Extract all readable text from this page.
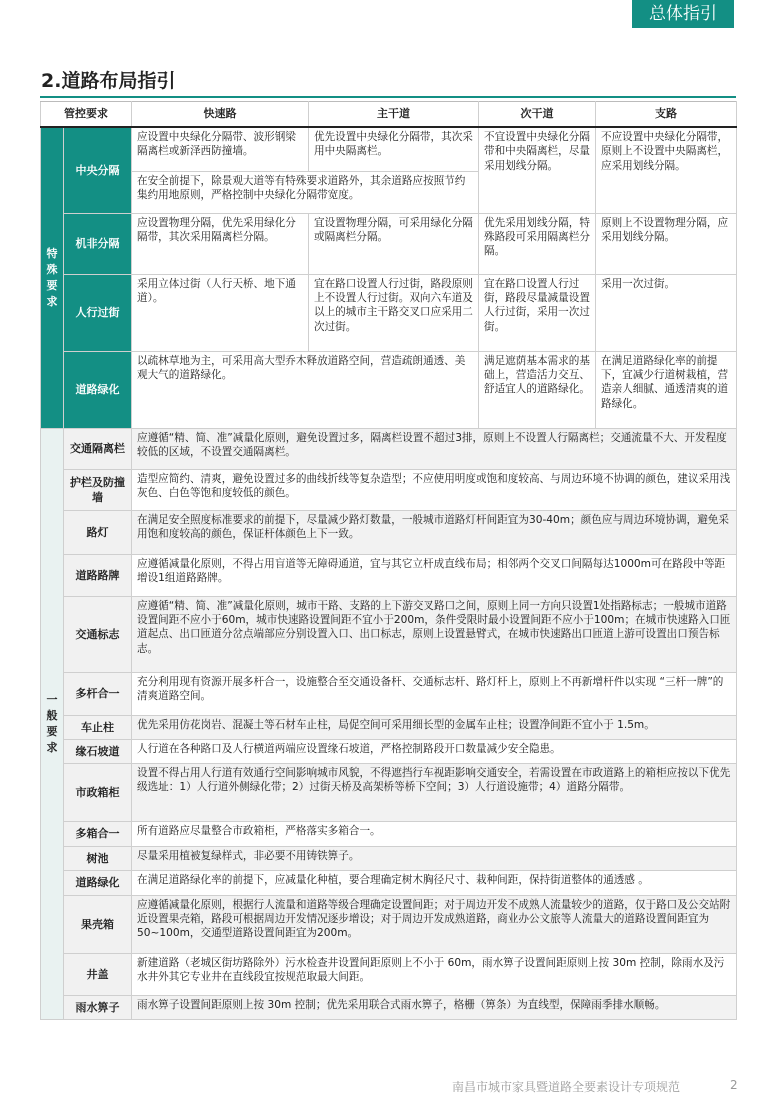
总体指引
2.道路布局指引
管控要求		快速路	主干道	次干道	支路
特殊要求	中央分隔	应设置中央绿化分隔带、波形钢梁隔离栏或新泽西防撞墙。	优先设置中央绿化分隔带，其次采用中央隔离栏。	不宜设置中央绿化分隔带和中央隔离栏，尽量采用划线分隔。	不应设置中央绿化分隔带，原则上不设置中央隔离栏，应采用划线分隔。
		在安全前提下，除景观大道等有特殊要求道路外，其余道路应按照节约集约用地原则，严格控制中央绿化分隔带宽度。			
	机非分隔	应设置物理分隔，优先采用绿化分隔带，其次采用隔离栏分隔。	宜设置物理分隔，可采用绿化分隔或隔离栏分隔。	优先采用划线分隔，特殊路段可采用隔离栏分隔。	原则上不设置物理分隔，应采用划线分隔。
	人行过街	采用立体过街（人行天桥、地下通道）。	宜在路口设置人行过街，路段原则上不设置人行过街。双向六车道及以上的城市主干路交叉口应采用二次过街。	宜在路口设置人行过街，路段尽量减量设置人行过街，采用一次过街。	采用一次过街。
	道路绿化	以疏林草地为主，可采用高大型乔木释放道路空间，营造疏朗通透、美观大气的道路绿化。		满足遮荫基本需求的基础上，营造活力交互、舒适宜人的道路绿化。	在满足道路绿化率的前提下，宜减少行道树栽植，营造亲人细腻、通透清爽的道路绿化。

一般要求	交通隔离栏	应遵循“精、简、准”减量化原则，避免设置过多，隔离栏设置不超过3排，原则上不设置人行隔离栏；交通流量不大、开发程度较低的区域，不设置交通隔离栏。			
	护栏及防撞墙	造型应简约、清爽，避免设置过多的曲线折线等复杂造型；不应使用明度或饱和度较高、与周边环境不协调的颜色，建议采用浅灰色、白色等饱和度较低的颜色。			
	路灯	在满足安全照度标准要求的前提下，尽量减少路灯数量，一般城市道路灯杆间距宜为30-40m；颜色应与周边环境协调，避免采用饱和度较高的颜色，保证杆体颜色上下一致。			
	道路路牌	应遵循减量化原则，不得占用盲道等无障碍通道，宜与其它立杆成直线布局；相邻两个交叉口间隔每达1000m可在路段中等距增设1组道路路牌。			
	交通标志	应遵循“精、简、准”减量化原则，城市干路、支路的上下游交叉路口之间，原则上同一方向只设置1处指路标志；一般城市道路设置间距不应小于60m，城市快速路设置间距不宜小于200m，条件受限时最小设置间距不应小于100m；在城市快速路入口匝道起点、出口匝道分岔点端部应分别设置入口、出口标志，原则上设置悬臂式，在城市快速路出口匝道上游可设置出口预告标志。			
	多杆合一	充分利用现有资源开展多杆合一，设施整合至交通设备杆、交通标志杆、路灯杆上，原则上不再新增杆件以实现 “三杆一牌”的清爽道路空间。			
	车止柱	优先采用仿花岗岩、混凝土等石材车止柱，局促空间可采用细长型的金属车止柱；设置净间距不宜小于 1.5m。			
	缘石坡道	人行道在各种路口及人行横道两端应设置缘石坡道，严格控制路段开口数量减少安全隐患。			
	市政箱柜	设置不得占用人行道有效通行空间影响城市风貌，不得遮挡行车视距影响交通安全，若需设置在市政道路上的箱柜应按以下优先级选址：1）人行道外侧绿化带；2）过街天桥及高架桥等桥下空间；3）人行道设施带；4）道路分隔带。			
	多箱合一	所有道路应尽量整合市政箱柜，严格落实多箱合一。			
	树池	尽量采用植被复绿样式，非必要不用铸铁箅子。			
	道路绿化	在满足道路绿化率的前提下，应减量化种植，要合理确定树木胸径尺寸、栽种间距，保持街道整体的通透感 。			
	果壳箱	应遵循减量化原则，根据行人流量和道路等级合理确定设置间距；对于周边开发不成熟人流量较少的道路，仅于路口及公交站附近设置果壳箱，路段可根据周边开发情况逐步增设；对于周边开发成熟道路，商业办公文旅等人流量大的道路设置间距宜为50~100m，交通型道路设置间距宜为200m。			
	井盖	新建道路（老城区街坊路除外）污水检查井设置间距原则上不小于 60m，雨水箅子设置间距原则上按 30m 控制，除雨水及污水井外其它专业井在直线段宜按规范取最大间距。			
	雨水箅子	雨水箅子设置间距原则上按 30m 控制；优先采用联合式雨水箅子，格栅（箅条）为直线型，保障雨季排水顺畅。			
南昌市城市家具暨道路全要素设计专项规范	2
